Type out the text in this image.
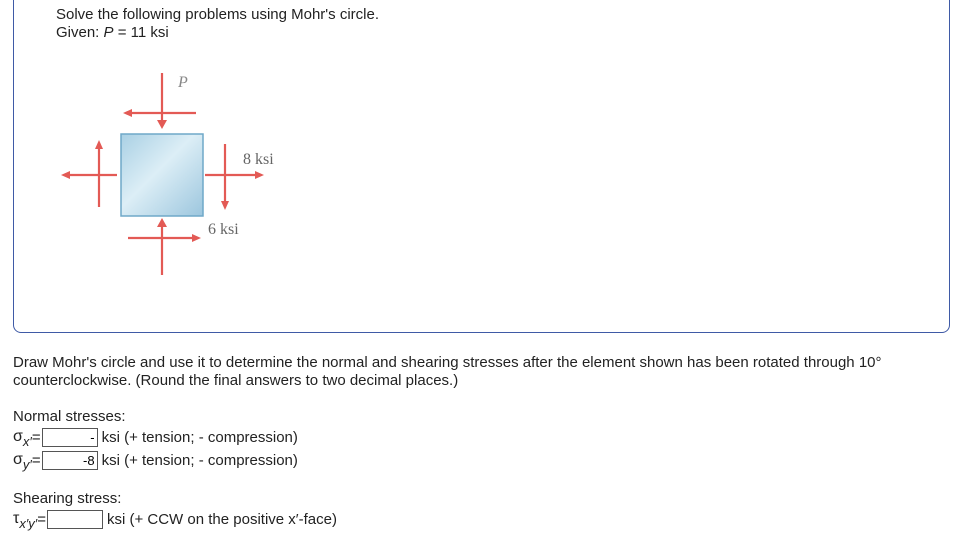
Solve the following problems using Mohr's circle.
Given: P = 11 ksi
P
8 ksi
6 ksi
Draw Mohr's circle and use it to determine the normal and shearing stresses after the element shown has been rotated through 10° counterclockwise. (Round the final answers to two decimal places.)
Normal stresses:
σ x′ =
-	ksi (+ tension; - compression)
σ y′ =
-8	ksi (+ tension; - compression)
Shearing stress:
τ x′y′ =	ksi (+ CCW on the positive x′-face)
